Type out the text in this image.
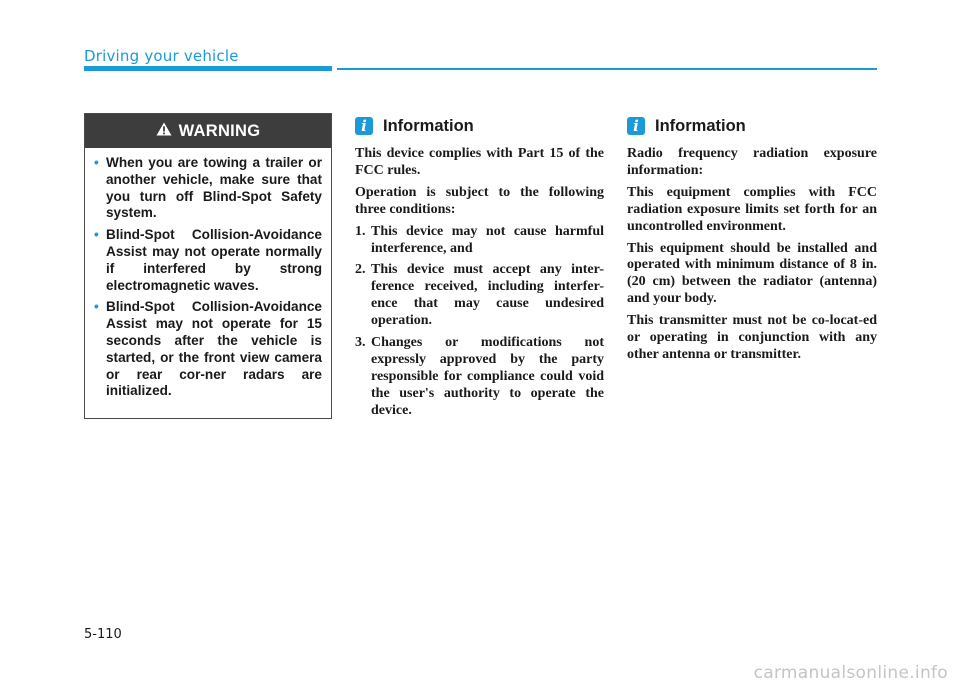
Driving your vehicle
WARNING
• When you are towing a trailer or another vehicle, make sure that you turn off Blind-Spot Safety system.
• Blind-Spot Collision-Avoidance Assist may not operate normally if interfered by strong electromagnetic waves.
• Blind-Spot Collision-Avoidance Assist may not operate for 15 seconds after the vehicle is started, or the front view camera or rear cor-ner radars are initialized.
i Information

This device complies with Part 15 of the FCC rules.

Operation is subject to the following three conditions:

1. This device may not cause harmful interference, and
2. This device must accept any inter-ference received, including interfer-ence that may cause undesired operation.
3. Changes or modifications not expressly approved by the party responsible for compliance could void the user's authority to operate the device.
i Information

Radio frequency radiation exposure information:

This equipment complies with FCC radiation exposure limits set forth for an uncontrolled environment.

This equipment should be installed and operated with minimum distance of 8 in. (20 cm) between the radiator (antenna) and your body.

This transmitter must not be co-locat-ed or operating in conjunction with any other antenna or transmitter.

5-110
carmanualsonline.info
